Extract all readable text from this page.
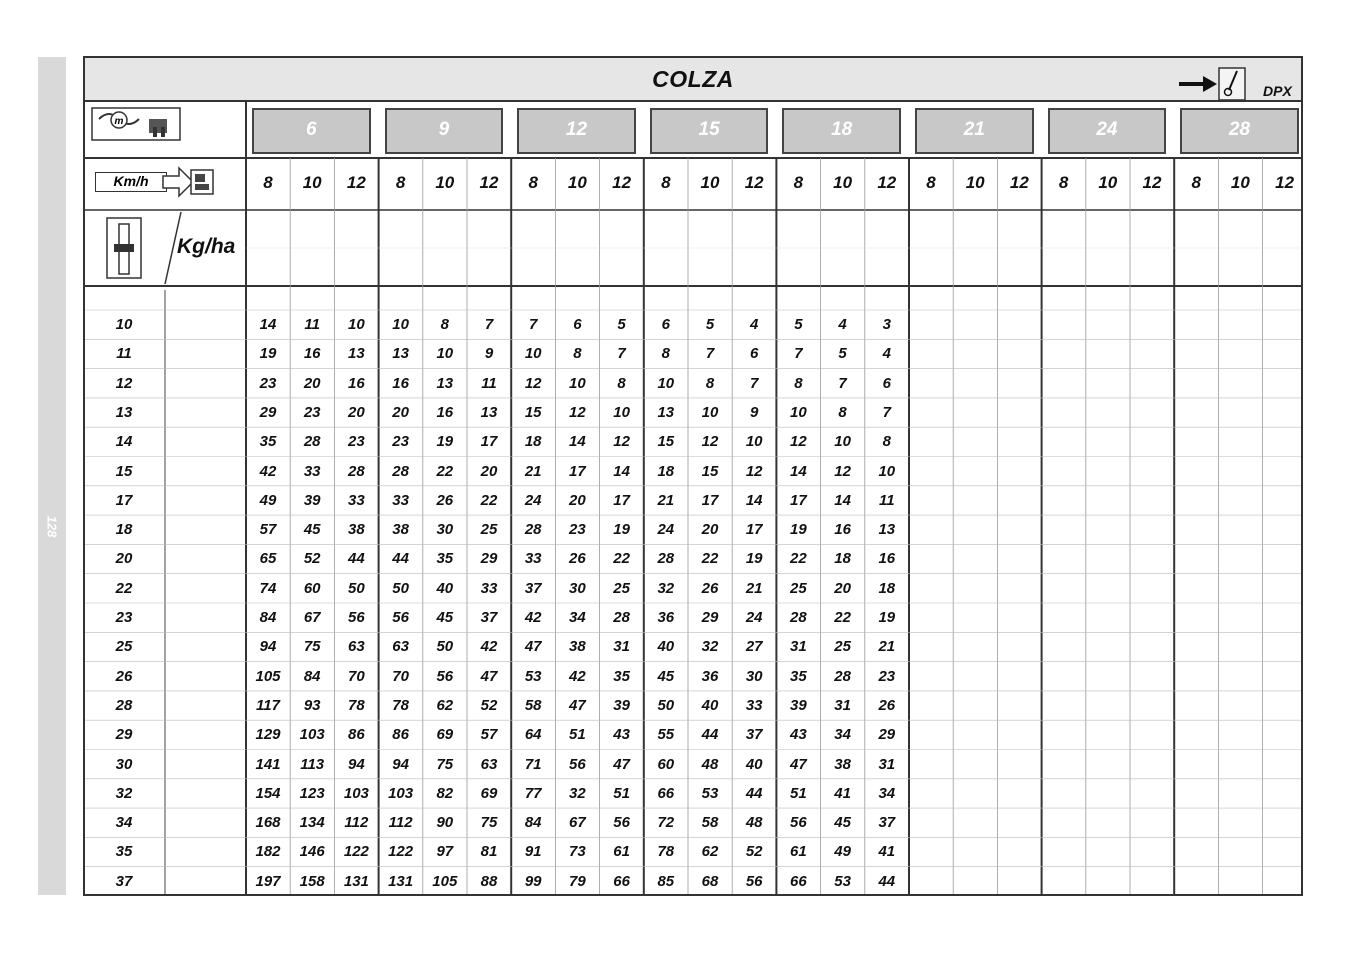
128
COLZA	DPX
m
Km/h
Kg/ha
6	9	12	15	18	21	24	28
8	10	12	8	10	12	8	10	12	8	10	12	8	10	12	8	10	12	8	10	12	8	10	12
10	14	11	10	10	8	7	7	6	5	6	5	4	5	4	3
11	19	16	13	13	10	9	10	8	7	8	7	6	7	5	4
12	23	20	16	16	13	11	12	10	8	10	8	7	8	7	6
13	29	23	20	20	16	13	15	12	10	13	10	9	10	8	7
14	35	28	23	23	19	17	18	14	12	15	12	10	12	10	8
15	42	33	28	28	22	20	21	17	14	18	15	12	14	12	10
17	49	39	33	33	26	22	24	20	17	21	17	14	17	14	11
18	57	45	38	38	30	25	28	23	19	24	20	17	19	16	13
20	65	52	44	44	35	29	33	26	22	28	22	19	22	18	16
22	74	60	50	50	40	33	37	30	25	32	26	21	25	20	18
23	84	67	56	56	45	37	42	34	28	36	29	24	28	22	19
25	94	75	63	63	50	42	47	38	31	40	32	27	31	25	21
26	105	84	70	70	56	47	53	42	35	45	36	30	35	28	23
28	117	93	78	78	62	52	58	47	39	50	40	33	39	31	26
29	129	103	86	86	69	57	64	51	43	55	44	37	43	34	29
30	141	113	94	94	75	63	71	56	47	60	48	40	47	38	31
32	154	123	103	103	82	69	77	32	51	66	53	44	51	41	34
34	168	134	112	112	90	75	84	67	56	72	58	48	56	45	37
35	182	146	122	122	97	81	91	73	61	78	62	52	61	49	41
37	197	158	131	131	105	88	99	79	66	85	68	56	66	53	44
